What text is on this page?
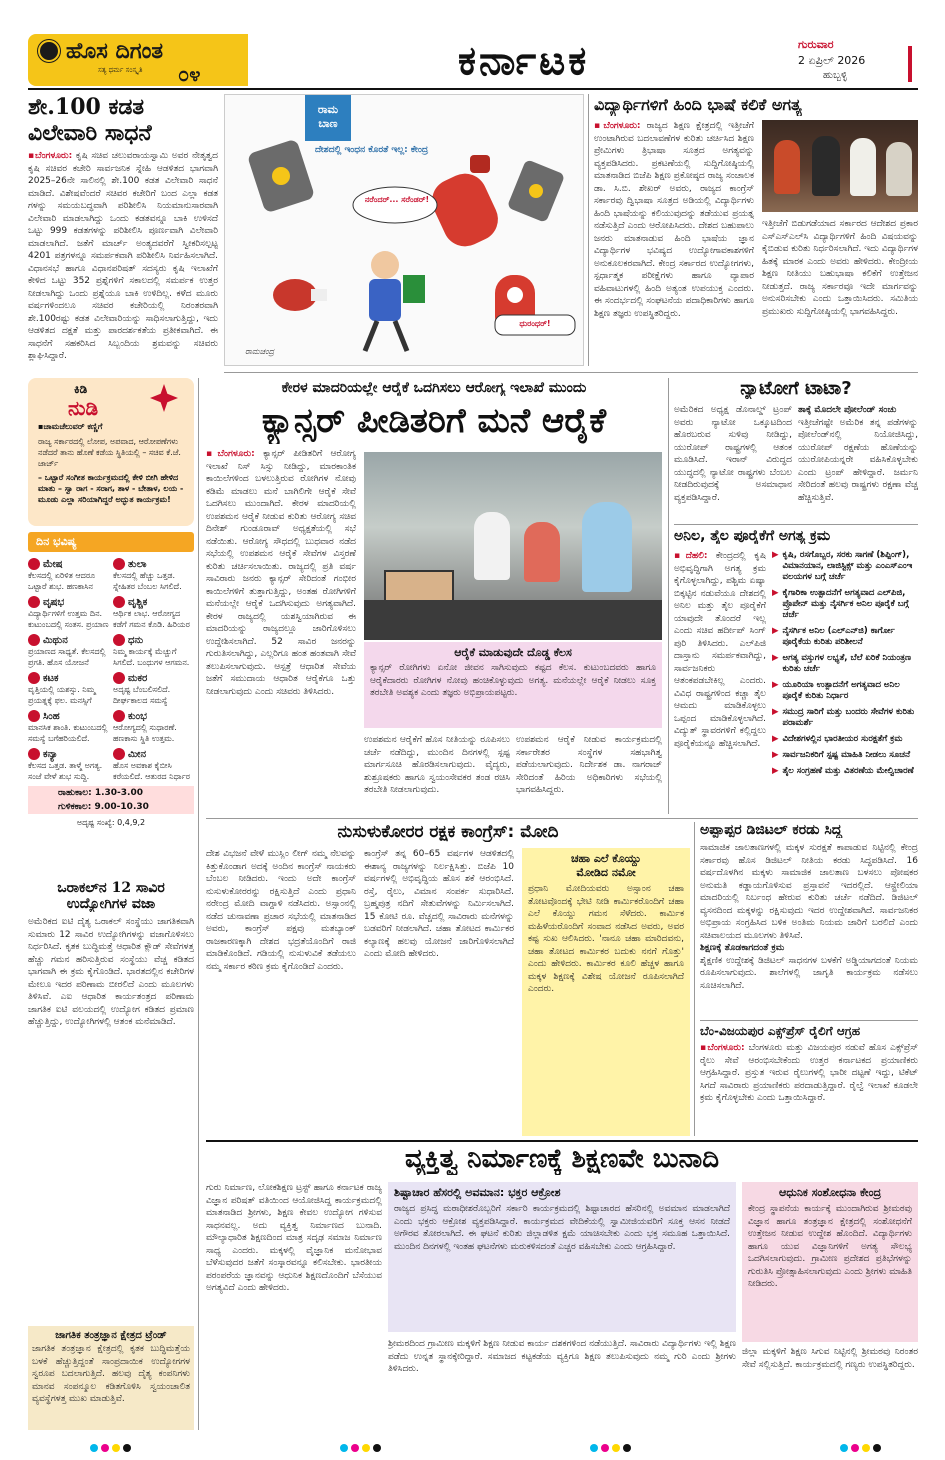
ಹೊಸ ದಿಗಂತ
ಸತ್ಯ ಧರ್ಮ ಸಂಸ್ಕೃತಿ ೦೪	ಕರ್ನಾಟಕ	ಗುರುವಾರ
2 ಏಪ್ರಿಲ್ 2026
ಹುಬ್ಬಳ್ಳಿ
ಶೇ.100 ಕಡತ
ವಿಲೇವಾರಿ ಸಾಧನೆ
▪ಬೆಂಗಳೂರು: ಕೃಷಿ ಸಚಿವ ಚಲುವರಾಯಸ್ವಾಮಿ ಅವರ ನೇತೃತ್ವದ ಕೃಷಿ ಸಚಿವರ ಕಚೇರಿ ಸಾರ್ವಜನಿಕ ಸ್ನೇಹಿ ಆಡಳಿತದ ಭಾಗವಾಗಿ 2025–26ನೇ ಸಾಲಿನಲ್ಲಿ ಶೇ.100 ಕಡತ ವಿಲೇವಾರಿ ಸಾಧನೆ ಮಾಡಿದೆ. ವಿಶೇಷವೆಂದರೆ ಸಚಿವರ ಕಚೇರಿಗೆ ಬಂದ ಎಲ್ಲಾ ಕಡತ ಗಳನ್ನು ಸಮಯಬದ್ಧವಾಗಿ ಪರಿಶೀಲಿಸಿ ನಿಯಮಾನುಸಾರವಾಗಿ ವಿಲೇವಾರಿ ಮಾಡಲಾಗಿದ್ದು ಒಂದು ಕಡತವನ್ನೂ ಬಾಕಿ ಉಳಿಸದೆ ಒಟ್ಟು 999 ಕಡತಗಳನ್ನು ಪರಿಶೀಲಿಸಿ ಪೂರ್ಣವಾಗಿ ವಿಲೇವಾರಿ ಮಾಡಲಾಗಿದೆ. ಜತೆಗೆ ಮಾರ್ಚ್ ಅಂತ್ಯದವರೆಗೆ ಸ್ವೀಕರಿಸಲ್ಪಟ್ಟ 4201 ಪತ್ರಗಳನ್ನೂ ಸಮರ್ಪಕವಾಗಿ ಪರಿಶೀಲಿಸಿ ನಿರ್ವಹಿಸಲಾಗಿದೆ. ವಿಧಾನಸಭೆ ಹಾಗೂ ವಿಧಾನಪರಿಷತ್ ಸದಸ್ಯರು ಕೃಷಿ ಇಲಾಖೆಗೆ ಕೇಳಿದ ಒಟ್ಟು 352 ಪ್ರಶ್ನೆಗಳಿಗೆ ಸಕಾಲದಲ್ಲಿ ಸಮರ್ಪಕ ಉತ್ತರ ನೀಡಲಾಗಿದ್ದು ಒಂದು ಪ್ರಶ್ನೆಯೂ ಬಾಕಿ ಉಳಿದಿಲ್ಲ. ಕಳೆದ ಮೂರು ವರ್ಷಗಳಿಂದಲೂ ಸಚಿವರ ಕಚೇರಿಯಲ್ಲಿ ನಿರಂತರವಾಗಿ ಶೇ.100ರಷ್ಟು ಕಡತ ವಿಲೇವಾರಿಯನ್ನು ಸಾಧಿಸಲಾಗುತ್ತಿದ್ದು, ಇದು ಆಡಳಿತದ ದಕ್ಷತೆ ಮತ್ತು ಪಾರದರ್ಶಕತೆಯ ಪ್ರತೀಕವಾಗಿದೆ. ಈ ಸಾಧನೆಗೆ ಸಹಕರಿಸಿದ ಸಿಬ್ಬಂದಿಯ ಶ್ರಮವನ್ನು ಸಚಿವರು ಶ್ಲಾಘಿಸಿದ್ದಾರೆ.
ರಾಮ
ಬಾಣ
ದೇಶದಲ್ಲಿ ಇಂಧನ ಕೊರತೆ ಇಲ್ಲ: ಕೇಂದ್ರ
ನರೆಂದರ್... ಸರೆಂಡರ್!
ಧುರಂಧರ್!
ರಾಮಚಂದ್ರ
ವಿದ್ಯಾರ್ಥಿಗಳಿಗೆ ಹಿಂದಿ ಭಾಷೆ ಕಲಿಕೆ ಅಗತ್ಯ
▪ಬೆಂಗಳೂರು: ರಾಜ್ಯದ ಶಿಕ್ಷಣ ಕ್ಷೇತ್ರದಲ್ಲಿ ಇತ್ತೀಚೆಗೆ ಉಂಟಾಗಿರುವ ಬದಲಾವಣೆಗಳ ಕುರಿತು ಚರ್ಚಿಸಿದ ಶಿಕ್ಷಣ ಪ್ರೇಮಿಗಳು ತ್ರಿಭಾಷಾ ಸೂತ್ರದ ಅಗತ್ಯವನ್ನು ವ್ಯಕ್ತಪಡಿಸಿದರು. ಪ್ರಕಟಣೆಯಲ್ಲಿ ಸುದ್ದಿಗೋಷ್ಠಿಯಲ್ಲಿ ಮಾತನಾಡಿದ ಬಿಜೆಪಿ ಶಿಕ್ಷಣ ಪ್ರಕೋಷ್ಠದ ರಾಜ್ಯ ಸಂಚಾಲಕ ಡಾ. ಸಿ.ಬಿ. ಶೇಖರ್ ಅವರು, ರಾಜ್ಯದ ಕಾಂಗ್ರೆಸ್ ಸರ್ಕಾರವು ದ್ವಿಭಾಷಾ ಸೂತ್ರದ ಅಡಿಯಲ್ಲಿ ವಿದ್ಯಾರ್ಥಿಗಳು ಹಿಂದಿ ಭಾಷೆಯನ್ನು ಕಲಿಯುವುದನ್ನು ತಡೆಯುವ ಪ್ರಯತ್ನ ನಡೆಸುತ್ತಿದೆ ಎಂದು ಆರೋಪಿಸಿದರು. ದೇಶದ ಬಹುಪಾಲು ಜನರು ಮಾತನಾಡುವ ಹಿಂದಿ ಭಾಷೆಯ ಜ್ಞಾನ ವಿದ್ಯಾರ್ಥಿಗಳ ಭವಿಷ್ಯದ ಉದ್ಯೋಗಾವಕಾಶಗಳಿಗೆ ಅನುಕೂಲಕರವಾಗಿದೆ. ಕೇಂದ್ರ ಸರ್ಕಾರದ ಉದ್ಯೋಗಗಳು, ಸ್ಪರ್ಧಾತ್ಮಕ ಪರೀಕ್ಷೆಗಳು ಹಾಗೂ ವ್ಯಾಪಾರ ವಹಿವಾಟುಗಳಲ್ಲಿ ಹಿಂದಿ ಅತ್ಯಂತ ಉಪಯುಕ್ತ ಎಂದರು. ಈ ಸಂದರ್ಭದಲ್ಲಿ ಸಂಘಟನೆಯ ಪದಾಧಿಕಾರಿಗಳು ಹಾಗೂ ಶಿಕ್ಷಣ ತಜ್ಞರು ಉಪಸ್ಥಿತರಿದ್ದರು.
ಇತ್ತೀಚೆಗೆ ಬಿಡುಗಡೆಯಾದ ಸರ್ಕಾರದ ಆದೇಶದ ಪ್ರಕಾರ ಎಸ್‌ಎಸ್‌ಎಲ್‌ಸಿ ವಿದ್ಯಾರ್ಥಿಗಳಿಗೆ ಹಿಂದಿ ವಿಷಯವನ್ನು ಕೈಬಿಡುವ ಕುರಿತು ನಿರ್ಧರಿಸಲಾಗಿದೆ. ಇದು ವಿದ್ಯಾರ್ಥಿಗಳ ಹಿತಕ್ಕೆ ಮಾರಕ ಎಂದು ಅವರು ಹೇಳಿದರು. ಕೇಂದ್ರೀಯ ಶಿಕ್ಷಣ ನೀತಿಯು ಬಹುಭಾಷಾ ಕಲಿಕೆಗೆ ಉತ್ತೇಜನ ನೀಡುತ್ತದೆ. ರಾಜ್ಯ ಸರ್ಕಾರವೂ ಇದೇ ಮಾರ್ಗವನ್ನು ಅನುಸರಿಸಬೇಕು ಎಂದು ಒತ್ತಾಯಿಸಿದರು. ಸಮಿತಿಯ ಪ್ರಮುಖರು ಸುದ್ದಿಗೋಷ್ಠಿಯಲ್ಲಿ ಭಾಗವಹಿಸಿದ್ದರು.
ಕಿಡಿ
ನುಡಿ
▪ಚಾಮಚೆಲುವರ್ ಕಣ್ಣಿಗೆ
ರಾಜ್ಯ ಸರ್ಕಾರದಲ್ಲಿ ಲೋಪ, ಅಪವಾದ, ಆರೋಪಣೆಗಳು ನಡೆದರೆ ತಾನು ಹೊಣೆ ಕಡೆಯ ಸ್ಥಿತಿಯಲ್ಲಿ – ಸಚಿವ ಕೆ.ಜೆ. ಜಾರ್ಜ್
– ಒಟ್ಟಾರೆ ಸಂಗೀತ ಕಾರ್ಯಕ್ರಮದಲ್ಲಿ ಕೇಳಿ ಬೀಗಿ ಹೇಳಿದ ಮಾತು – ಸ್ವಾ ರಾಗ - ಸರಾಗ, ತಾಳ - ಬೇತಾಳ, ಲಯ - ಮೂಡು ಎಲ್ಲಾ ಸರಿಯಾಗಿದ್ದರೆ ಅದ್ಭುತ ಕಾರ್ಯಕ್ರಮ!
ದಿನ ಭವಿಷ್ಯ
ಮೇಷ
ಕೆಲಸದಲ್ಲಿ ಏರಿಳಿತ ಆದರೂ ಒಟ್ಟಾರೆ ಶುಭ. ಹಣಕಾಸಿನ
ತುಲಾ
ಕೆಲಸದಲ್ಲಿ ಹೆಚ್ಚು ಒತ್ತಡ. ಸ್ನೇಹಿತರ ಬೆಂಬಲ ಸಿಗಲಿದೆ.
ವೃಷಭ
ವಿದ್ಯಾರ್ಥಿಗಳಿಗೆ ಉತ್ತಮ ದಿನ. ಕುಟುಂಬದಲ್ಲಿ ಸಂತಸ. ಪ್ರಯಾಣ
ವೃಶ್ಚಿಕ
ಆರ್ಥಿಕ ಲಾಭ. ಆರೋಗ್ಯದ ಕಡೆಗೆ ಗಮನ ಕೊಡಿ. ಹಿರಿಯರ
ಮಿಥುನ
ಪ್ರಯಾಣದ ಸಾಧ್ಯತೆ. ಕೆಲಸದಲ್ಲಿ ಪ್ರಗತಿ. ಹೊಸ ಯೋಜನೆ
ಧನು
ನಿಮ್ಮ ಕಾರ್ಯಕ್ಕೆ ಮೆಚ್ಚುಗೆ ಸಿಗಲಿದೆ. ಬಂಧುಗಳ ಆಗಮನ.
ಕಟಕ
ವೃತ್ತಿಯಲ್ಲಿ ಯಶಸ್ಸು. ನಿಮ್ಮ ಪ್ರಯತ್ನಕ್ಕೆ ಫಲ. ಮನಸ್ಸಿಗೆ
ಮಕರ
ಅದೃಷ್ಟ ಬೆಂಬಲಿಸಲಿದೆ. ದೀರ್ಘಕಾಲದ ಸಮಸ್ಯೆ
ಸಿಂಹ
ಮಾನಸಿಕ ಶಾಂತಿ. ಕುಟುಂಬದಲ್ಲಿ ಸಮಸ್ಯೆ ಬಗೆಹರಿಯಲಿದೆ.
ಕುಂಭ
ಆರೋಗ್ಯದಲ್ಲಿ ಸುಧಾರಣೆ. ಹಣಕಾಸು ಸ್ಥಿತಿ ಉತ್ತಮ.
ಕನ್ಯಾ
ಕೆಲಸದ ಒತ್ತಡ. ತಾಳ್ಮೆ ಅಗತ್ಯ. ಸಂಜೆ ವೇಳೆ ಶುಭ ಸುದ್ದಿ.
ಮೀನ
ಹೊಸ ಅವಕಾಶ ಕೈಬೀಸಿ ಕರೆಯಲಿದೆ. ಆತುರದ ನಿರ್ಧಾರ
ರಾಹುಕಾಲ: 1.30-3.00
ಗುಳಿಕಕಾಲ: 9.00-10.30
ಅದೃಷ್ಟ ಸಂಖ್ಯೆ: 0,4,9,2
ಒರಾಕಲ್‌ನ 12 ಸಾವಿರ
ಉದ್ಯೋಗಿಗಳ ವಜಾ
ಅಮೆರಿಕದ ಐಟಿ ದೈತ್ಯ ಒರಾಕಲ್ ಸಂಸ್ಥೆಯು ಜಾಗತಿಕವಾಗಿ ಸುಮಾರು 12 ಸಾವಿರ ಉದ್ಯೋಗಿಗಳನ್ನು ವಜಾಗೊಳಿಸಲು ನಿರ್ಧರಿಸಿದೆ. ಕೃತಕ ಬುದ್ಧಿಮತ್ತೆ ಆಧಾರಿತ ಕ್ಲೌಡ್ ಸೇವೆಗಳತ್ತ ಹೆಚ್ಚು ಗಮನ ಹರಿಸುತ್ತಿರುವ ಸಂಸ್ಥೆಯು ವೆಚ್ಚ ಕಡಿತದ ಭಾಗವಾಗಿ ಈ ಕ್ರಮ ಕೈಗೊಂಡಿದೆ. ಭಾರತದಲ್ಲಿನ ಕಚೇರಿಗಳ ಮೇಲೂ ಇದರ ಪರಿಣಾಮ ಬೀರಲಿದೆ ಎಂದು ಮೂಲಗಳು ತಿಳಿಸಿವೆ. ಎಐ ಆಧಾರಿತ ಕಾರ್ಯತಂತ್ರದ ಪರಿಣಾಮ ಜಾಗತಿಕ ಐಟಿ ವಲಯದಲ್ಲಿ ಉದ್ಯೋಗ ಕಡಿತದ ಪ್ರಮಾಣ ಹೆಚ್ಚುತ್ತಿದ್ದು, ಉದ್ಯೋಗಿಗಳಲ್ಲಿ ಆತಂಕ ಮನೆಮಾಡಿದೆ.
ಜಾಗತಿಕ ತಂತ್ರಜ್ಞಾನ ಕ್ಷೇತ್ರದ ಟ್ರೆಂಡ್
ಜಾಗತಿಕ ತಂತ್ರಜ್ಞಾನ ಕ್ಷೇತ್ರದಲ್ಲಿ ಕೃತಕ ಬುದ್ಧಿಮತ್ತೆಯ ಬಳಕೆ ಹೆಚ್ಚುತ್ತಿದ್ದಂತೆ ಸಾಂಪ್ರದಾಯಿಕ ಉದ್ಯೋಗಗಳ ಸ್ವರೂಪ ಬದಲಾಗುತ್ತಿದೆ. ಹಲವು ದೈತ್ಯ ಕಂಪನಿಗಳು ಮಾನವ ಸಂಪನ್ಮೂಲ ಕಡಿತಗೊಳಿಸಿ ಸ್ವಯಂಚಾಲಿತ ವ್ಯವಸ್ಥೆಗಳತ್ತ ಮುಖ ಮಾಡುತ್ತಿವೆ.
ಕೇರಳ ಮಾದರಿಯಲ್ಲೇ ಆರೈಕೆ ಒದಗಿಸಲು ಆರೋಗ್ಯ ಇಲಾಖೆ ಮುಂದು
ಕ್ಯಾನ್ಸರ್ ಪೀಡಿತರಿಗೆ ಮನೆ ಆರೈಕೆ
▪ಬೆಂಗಳೂರು: ಕ್ಯಾನ್ಸರ್ ಪೀಡಿತರಿಗೆ ಆರೋಗ್ಯ ಇಲಾಖೆ ನಿಸ್ ಸಿಸ್ಸು ನೀಡಿದ್ದು, ಮಾರಕಾಂತಿಕ ಕಾಯಿಲೆಗಳಿಂದ ಬಳಲುತ್ತಿರುವ ರೋಗಿಗಳ ನೋವು ಕಡಿಮೆ ಮಾಡಲು ಮನೆ ಬಾಗಿಲಿಗೇ ಆರೈಕೆ ಸೇವೆ ಒದಗಿಸಲು ಮುಂದಾಗಿದೆ. ಕೇರಳ ಮಾದರಿಯಲ್ಲಿ ಉಪಶಮನ ಆರೈಕೆ ನೀಡುವ ಕುರಿತು ಆರೋಗ್ಯ ಸಚಿವ ದಿನೇಶ್ ಗುಂಡೂರಾವ್ ಅಧ್ಯಕ್ಷತೆಯಲ್ಲಿ ಸಭೆ ನಡೆಯಿತು. ಆರೋಗ್ಯ ಸೌಧದಲ್ಲಿ ಬುಧವಾರ ನಡೆದ ಸಭೆಯಲ್ಲಿ ಉಪಶಮನ ಆರೈಕೆ ಸೇವೆಗಳ ವಿಸ್ತರಣೆ ಕುರಿತು ಚರ್ಚಿಸಲಾಯಿತು. ರಾಜ್ಯದಲ್ಲಿ ಪ್ರತಿ ವರ್ಷ ಸಾವಿರಾರು ಜನರು ಕ್ಯಾನ್ಸರ್ ಸೇರಿದಂತೆ ಗಂಭೀರ ಕಾಯಿಲೆಗಳಿಗೆ ತುತ್ತಾಗುತ್ತಿದ್ದು, ಅಂತಹ ರೋಗಿಗಳಿಗೆ ಮನೆಯಲ್ಲೇ ಆರೈಕೆ ಒದಗಿಸುವುದು ಅಗತ್ಯವಾಗಿದೆ. ಕೇರಳ ರಾಜ್ಯದಲ್ಲಿ ಯಶಸ್ವಿಯಾಗಿರುವ ಈ ಮಾದರಿಯನ್ನು ರಾಜ್ಯದಲ್ಲೂ ಜಾರಿಗೊಳಿಸಲು ಉದ್ದೇಶಿಸಲಾಗಿದೆ. 52 ಸಾವಿರ ಜನರನ್ನು ಗುರುತಿಸಲಾಗಿದ್ದು, ಎಲ್ಲರಿಗೂ ಹಂತ ಹಂತವಾಗಿ ಸೇವೆ ತಲುಪಿಸಲಾಗುವುದು. ಆಸ್ಪತ್ರೆ ಆಧಾರಿತ ಸೇವೆಯ ಜತೆಗೆ ಸಮುದಾಯ ಆಧಾರಿತ ಆರೈಕೆಗೂ ಒತ್ತು ನೀಡಲಾಗುವುದು ಎಂದು ಸಚಿವರು ತಿಳಿಸಿದರು.
ಆರೈಕೆ ಮಾಡುವುದೇ ದೊಡ್ಡ ಕೆಲಸ
ಕ್ಯಾನ್ಸರ್ ರೋಗಿಗಳು ಏನೋ ಜೀವನ ಸಾಗಿಸುವುದು ಕಷ್ಟದ ಕೆಲಸ. ಕುಟುಂಬದವರು ಹಾಗೂ ಆರೈಕೆದಾರರು ರೋಗಿಗಳ ನೋವು ಹಂಚಿಕೊಳ್ಳುವುದು ಅಗತ್ಯ. ಮನೆಯಲ್ಲೇ ಆರೈಕೆ ನೀಡಲು ಸೂಕ್ತ ತರಬೇತಿ ಅವಶ್ಯಕ ಎಂದು ತಜ್ಞರು ಅಭಿಪ್ರಾಯಪಟ್ಟರು.
ಉಪಶಮನ ಆರೈಕೆಗೆ ಹೊಸ ನೀತಿಯನ್ನು ರೂಪಿಸಲು ಚರ್ಚೆ ನಡೆದಿದ್ದು, ಮುಂದಿನ ದಿನಗಳಲ್ಲಿ ಸ್ಪಷ್ಟ ಮಾರ್ಗಸೂಚಿ ಹೊರಡಿಸಲಾಗುವುದು. ವೈದ್ಯರು, ಶುಶ್ರೂಷಕರು ಹಾಗೂ ಸ್ವಯಂಸೇವಕರ ತಂಡ ರಚಿಸಿ ತರಬೇತಿ ನೀಡಲಾಗುವುದು.
ಉಪಶಮನ ಆರೈಕೆ ನೀಡುವ ಕಾರ್ಯಕ್ರಮದಲ್ಲಿ ಸರ್ಕಾರೇತರ ಸಂಸ್ಥೆಗಳ ಸಹಭಾಗಿತ್ವ ಪಡೆಯಲಾಗುವುದು. ನಿರ್ದೇಶಕ ಡಾ. ನಾಗರಾಜ್ ಸೇರಿದಂತೆ ಹಿರಿಯ ಅಧಿಕಾರಿಗಳು ಸಭೆಯಲ್ಲಿ ಭಾಗವಹಿಸಿದ್ದರು.
ನ್ಯಾಟೋಗೆ ಟಾಟಾ?
ಅಮೆರಿಕದ ಅಧ್ಯಕ್ಷ ಡೊನಾಲ್ಡ್ ಟ್ರಂಪ್ ಅವರು ನ್ಯಾಟೋ ಒಕ್ಕೂಟದಿಂದ ಹೊರಬರುವ ಸುಳಿವು ನೀಡಿದ್ದು, ಯುರೋಪ್ ರಾಷ್ಟ್ರಗಳಲ್ಲಿ ಆತಂಕ ಮೂಡಿಸಿದೆ. ಇರಾನ್ ವಿರುದ್ಧದ ಯುದ್ಧದಲ್ಲಿ ನ್ಯಾಟೋ ರಾಷ್ಟ್ರಗಳು ಬೆಂಬಲ ನೀಡದಿರುವುದಕ್ಕೆ ಅಸಮಾಧಾನ ವ್ಯಕ್ತಪಡಿಸಿದ್ದಾರೆ.
ತಾಕ್ಕೆ ಮೊದಲೇ ಪೋಲೆಂಡ್ ಸಂಚು
ಇತ್ತೀಚೆಗಷ್ಟೇ ಅಮೆರಿಕ ತನ್ನ ಪಡೆಗಳನ್ನು ಪೋಲೆಂಡ್‌ನಲ್ಲಿ ನಿಯೋಜಿಸಿದ್ದು, ಯುರೋಪ್ ರಕ್ಷಣೆಯ ಹೊಣೆಯನ್ನು ಯುರೋಪಿಯನ್ನರೇ ವಹಿಸಿಕೊಳ್ಳಬೇಕು ಎಂದು ಟ್ರಂಪ್ ಹೇಳಿದ್ದಾರೆ. ಜರ್ಮನಿ ಸೇರಿದಂತೆ ಹಲವು ರಾಷ್ಟ್ರಗಳು ರಕ್ಷಣಾ ವೆಚ್ಚ ಹೆಚ್ಚಿಸುತ್ತಿವೆ.
ಅನಿಲ, ತೈಲ ಪೂರೈಕೆಗೆ ಅಗತ್ಯ ಕ್ರಮ
▪ದೆಹಲಿ: ಕೇಂದ್ರದಲ್ಲಿ ಕೃಷಿ ಅಭಿವೃದ್ಧಿಗಾಗಿ ಅಗತ್ಯ ಕ್ರಮ ಕೈಗೊಳ್ಳಲಾಗಿದ್ದು, ಪಶ್ಚಿಮ ಏಷ್ಯಾ ಬಿಕ್ಕಟ್ಟಿನ ನಡುವೆಯೂ ದೇಶದಲ್ಲಿ ಅನಿಲ ಮತ್ತು ತೈಲ ಪೂರೈಕೆಗೆ ಯಾವುದೇ ತೊಂದರೆ ಇಲ್ಲ ಎಂದು ಸಚಿವ ಹರ್ದೀಪ್ ಸಿಂಗ್ ಪುರಿ ತಿಳಿಸಿದರು. ಎಲ್‌ಪಿಜಿ ದಾಸ್ತಾನು ಸಮರ್ಪಕವಾಗಿದ್ದು, ಸಾರ್ವಜನಿಕರು ಆತಂಕಪಡಬೇಕಿಲ್ಲ ಎಂದರು. ವಿವಿಧ ರಾಷ್ಟ್ರಗಳಿಂದ ಕಚ್ಚಾ ತೈಲ ಆಮದು ಮಾಡಿಕೊಳ್ಳಲು ಒಪ್ಪಂದ ಮಾಡಿಕೊಳ್ಳಲಾಗಿದೆ. ವಿದ್ಯುತ್ ಸ್ಥಾವರಗಳಿಗೆ ಕಲ್ಲಿದ್ದಲು ಪೂರೈಕೆಯನ್ನೂ ಹೆಚ್ಚಿಸಲಾಗಿದೆ.
▶ ಕೃಷಿ, ರಸಗೊಬ್ಬರ, ಸರಕು ಸಾಗಣೆ (ಶಿಪ್ಪಿಂಗ್), ವಿಮಾನಯಾನ, ಲಾಜಿಸ್ಟಿಕ್ಸ್ ಮತ್ತು ಎಂಎಸ್‌ಎಂಇ ವಲಯಗಳ ಬಗ್ಗೆ ಚರ್ಚೆ
▶ ಕೈಗಾರಿಕಾ ಉತ್ಪಾದನೆಗೆ ಅಗತ್ಯವಾದ ಎಲ್‌ಪಿಜಿ, ಪ್ರೊಪೇನ್ ಮತ್ತು ನೈಸರ್ಗಿಕ ಅನಿಲ ಪೂರೈಕೆ ಬಗ್ಗೆ ಚರ್ಚೆ
▶ ನೈಸರ್ಗಿಕ ಅನಿಲ (ಎಲ್‌ಎನ್‌ಜಿ) ಕಾರ್ಗೋ ಪೂರೈಕೆಯ ಕುರಿತು ಪರಿಶೀಲನೆ
▶ ಅಗತ್ಯ ವಸ್ತುಗಳ ಲಭ್ಯತೆ, ಬೆಲೆ ಏರಿಕೆ ನಿಯಂತ್ರಣ ಕುರಿತು ಚರ್ಚೆ
▶ ಯೂರಿಯಾ ಉತ್ಪಾದನೆಗೆ ಅಗತ್ಯವಾದ ಅನಿಲ ಪೂರೈಕೆ ಕುರಿತು ನಿರ್ಧಾರ
▶ ಸಮುದ್ರ ಸಾರಿಗೆ ಮತ್ತು ಬಂದರು ಸೇವೆಗಳ ಕುರಿತು ಪರಾಮರ್ಶೆ
▶ ವಿದೇಶಗಳಲ್ಲಿನ ಭಾರತೀಯರ ಸುರಕ್ಷತೆಗೆ ಕ್ರಮ
▶ ಸಾರ್ವಜನಿಕರಿಗೆ ಸ್ಪಷ್ಟ ಮಾಹಿತಿ ನೀಡಲು ಸೂಚನೆ
▶ ತೈಲ ಸಂಗ್ರಹಣೆ ಮತ್ತು ವಿತರಣೆಯ ಮೇಲ್ವಿಚಾರಣೆ
ನುಸುಳುಕೋರರ ರಕ್ಷಕ ಕಾಂಗ್ರೆಸ್: ಮೋದಿ
ದೇಶ ವಿಭಜನೆ ವೇಳೆ ಮುಸ್ಲಿಂ ಲೀಗ್ ನಮ್ಮ ನೆಲವನ್ನು ಕಿತ್ತುಕೊಂಡಾಗ ಅದಕ್ಕೆ ಅಂದಿನ ಕಾಂಗ್ರೆಸ್ ನಾಯಕರು ಬೆಂಬಲ ನೀಡಿದರು. ಇಂದು ಅದೇ ಕಾಂಗ್ರೆಸ್ ನುಸುಳುಕೋರರನ್ನು ರಕ್ಷಿಸುತ್ತಿದೆ ಎಂದು ಪ್ರಧಾನಿ ನರೇಂದ್ರ ಮೋದಿ ವಾಗ್ದಾಳಿ ನಡೆಸಿದರು. ಅಸ್ಸಾಂನಲ್ಲಿ ನಡೆದ ಚುನಾವಣಾ ಪ್ರಚಾರ ಸಭೆಯಲ್ಲಿ ಮಾತನಾಡಿದ ಅವರು, ಕಾಂಗ್ರೆಸ್ ಪಕ್ಷವು ಮತಬ್ಯಾಂಕ್ ರಾಜಕಾರಣಕ್ಕಾಗಿ ದೇಶದ ಭದ್ರತೆಯೊಂದಿಗೆ ರಾಜಿ ಮಾಡಿಕೊಂಡಿದೆ. ಗಡಿಯಲ್ಲಿ ನುಸುಳುವಿಕೆ ತಡೆಯಲು ನಮ್ಮ ಸರ್ಕಾರ ಕಠಿಣ ಕ್ರಮ ಕೈಗೊಂಡಿದೆ ಎಂದರು.
ಕಾಂಗ್ರೆಸ್ ತನ್ನ 60–65 ವರ್ಷಗಳ ಆಡಳಿತದಲ್ಲಿ ಈಶಾನ್ಯ ರಾಜ್ಯಗಳನ್ನು ನಿರ್ಲಕ್ಷಿಸಿತ್ತು. ಬಿಜೆಪಿ 10 ವರ್ಷಗಳಲ್ಲಿ ಅಭಿವೃದ್ಧಿಯ ಹೊಸ ಶಕೆ ಆರಂಭಿಸಿದೆ. ರಸ್ತೆ, ರೈಲು, ವಿಮಾನ ಸಂಪರ್ಕ ಸುಧಾರಿಸಿದೆ. ಬ್ರಹ್ಮಪುತ್ರ ನದಿಗೆ ಸೇತುವೆಗಳನ್ನು ನಿರ್ಮಿಸಲಾಗಿದೆ. 15 ಕೋಟಿ ರೂ. ವೆಚ್ಚದಲ್ಲಿ ಸಾವಿರಾರು ಮನೆಗಳನ್ನು ಬಡವರಿಗೆ ನೀಡಲಾಗಿದೆ. ಚಹಾ ತೋಟದ ಕಾರ್ಮಿಕರ ಕಲ್ಯಾಣಕ್ಕೆ ಹಲವು ಯೋಜನೆ ಜಾರಿಗೊಳಿಸಲಾಗಿದೆ ಎಂದು ಮೋದಿ ಹೇಳಿದರು.
ಚಹಾ ಎಲೆ ಕೊಯ್ದು
ಮೋಡಿದ ನಮೋ
ಪ್ರಧಾನಿ ಮೋದಿಯವರು ಅಸ್ಸಾಂನ ಚಹಾ ತೋಟವೊಂದಕ್ಕೆ ಭೇಟಿ ನೀಡಿ ಕಾರ್ಮಿಕರೊಂದಿಗೆ ಚಹಾ ಎಲೆ ಕೊಯ್ದು ಗಮನ ಸೆಳೆದರು. ಕಾರ್ಮಿಕ ಮಹಿಳೆಯರೊಂದಿಗೆ ಸಂವಾದ ನಡೆಸಿದ ಅವರು, ಅವರ ಕಷ್ಟ ಸುಖ ಆಲಿಸಿದರು. 'ನಾನೂ ಚಹಾ ಮಾರಿದವನು, ಚಹಾ ತೋಟದ ಕಾರ್ಮಿಕರ ಬದುಕು ನನಗೆ ಗೊತ್ತು' ಎಂದು ಹೇಳಿದರು. ಕಾರ್ಮಿಕರ ಕೂಲಿ ಹೆಚ್ಚಳ ಹಾಗೂ ಮಕ್ಕಳ ಶಿಕ್ಷಣಕ್ಕೆ ವಿಶೇಷ ಯೋಜನೆ ರೂಪಿಸಲಾಗಿದೆ ಎಂದರು.
ಅಪ್ಪಾಪ್ಪರ ಡಿಜಿಟಲ್ ಕರಡು ಸಿದ್ಧ
ಸಾಮಾಜಿಕ ಜಾಲತಾಣಗಳಲ್ಲಿ ಮಕ್ಕಳ ಸುರಕ್ಷತೆ ಕಾಪಾಡುವ ನಿಟ್ಟಿನಲ್ಲಿ ಕೇಂದ್ರ ಸರ್ಕಾರವು ಹೊಸ ಡಿಜಿಟಲ್ ನೀತಿಯ ಕರಡು ಸಿದ್ಧಪಡಿಸಿದೆ. 16 ವರ್ಷದೊಳಗಿನ ಮಕ್ಕಳು ಸಾಮಾಜಿಕ ಜಾಲತಾಣ ಬಳಸಲು ಪೋಷಕರ ಅನುಮತಿ ಕಡ್ಡಾಯಗೊಳಿಸುವ ಪ್ರಸ್ತಾವನೆ ಇದರಲ್ಲಿದೆ. ಆಸ್ಟ್ರೇಲಿಯಾ ಮಾದರಿಯಲ್ಲಿ ನಿರ್ಬಂಧ ಹೇರುವ ಕುರಿತು ಚರ್ಚೆ ನಡೆದಿದೆ. ಡಿಜಿಟಲ್ ವ್ಯಸನದಿಂದ ಮಕ್ಕಳನ್ನು ರಕ್ಷಿಸುವುದು ಇದರ ಉದ್ದೇಶವಾಗಿದೆ. ಸಾರ್ವಜನಿಕರ ಅಭಿಪ್ರಾಯ ಸಂಗ್ರಹಿಸಿದ ಬಳಿಕ ಅಂತಿಮ ನಿಯಮ ಜಾರಿಗೆ ಬರಲಿದೆ ಎಂದು ಸಚಿವಾಲಯದ ಮೂಲಗಳು ತಿಳಿಸಿವೆ.
ಶಿಕ್ಷಣಕ್ಕೆ ತೊಡಕಾಗದಂತೆ ಕ್ರಮ
ಶೈಕ್ಷಣಿಕ ಉದ್ದೇಶಕ್ಕೆ ಡಿಜಿಟಲ್ ಸಾಧನಗಳ ಬಳಕೆಗೆ ಅಡ್ಡಿಯಾಗದಂತೆ ನಿಯಮ ರೂಪಿಸಲಾಗುವುದು. ಶಾಲೆಗಳಲ್ಲಿ ಜಾಗೃತಿ ಕಾರ್ಯಕ್ರಮ ನಡೆಸಲು ಸೂಚಿಸಲಾಗಿದೆ.
ಬೆಂ-ವಿಜಯಪುರ ಎಕ್ಸ್‌ಪ್ರೆಸ್ ರೈಲಿಗೆ ಆಗ್ರಹ
▪ಬೆಂಗಳೂರು: ಬೆಂಗಳೂರು ಮತ್ತು ವಿಜಯಪುರ ನಡುವೆ ಹೊಸ ಎಕ್ಸ್‌ಪ್ರೆಸ್ ರೈಲು ಸೇವೆ ಆರಂಭಿಸಬೇಕೆಂದು ಉತ್ತರ ಕರ್ನಾಟಕದ ಪ್ರಯಾಣಿಕರು ಆಗ್ರಹಿಸಿದ್ದಾರೆ. ಪ್ರಸ್ತುತ ಇರುವ ರೈಲುಗಳಲ್ಲಿ ಭಾರೀ ದಟ್ಟಣೆ ಇದ್ದು, ಟಿಕೆಟ್ ಸಿಗದೆ ಸಾವಿರಾರು ಪ್ರಯಾಣಿಕರು ಪರದಾಡುತ್ತಿದ್ದಾರೆ. ರೈಲ್ವೆ ಇಲಾಖೆ ಕೂಡಲೇ ಕ್ರಮ ಕೈಗೊಳ್ಳಬೇಕು ಎಂದು ಒತ್ತಾಯಿಸಿದ್ದಾರೆ.
ವ್ಯಕ್ತಿತ್ವ ನಿರ್ಮಾಣಕ್ಕೆ ಶಿಕ್ಷಣವೇ ಬುನಾದಿ
ಗುರು ನಿರ್ಮಾಣ, ಲೋಕಶಿಕ್ಷಣ ಟ್ರಸ್ಟ್ ಹಾಗೂ ಕರ್ನಾಟಕ ರಾಜ್ಯ ವಿಜ್ಞಾನ ಪರಿಷತ್ ವತಿಯಿಂದ ಆಯೋಜಿಸಿದ್ದ ಕಾರ್ಯಕ್ರಮದಲ್ಲಿ ಮಾತನಾಡಿದ ಶ್ರೀಗಳು, ಶಿಕ್ಷಣ ಕೇವಲ ಉದ್ಯೋಗ ಗಳಿಸುವ ಸಾಧನವಲ್ಲ. ಅದು ವ್ಯಕ್ತಿತ್ವ ನಿರ್ಮಾಣದ ಬುನಾದಿ. ಮೌಲ್ಯಾಧಾರಿತ ಶಿಕ್ಷಣದಿಂದ ಮಾತ್ರ ಸದೃಢ ಸಮಾಜ ನಿರ್ಮಾಣ ಸಾಧ್ಯ ಎಂದರು. ಮಕ್ಕಳಲ್ಲಿ ವೈಜ್ಞಾನಿಕ ಮನೋಭಾವ ಬೆಳೆಸುವುದರ ಜತೆಗೆ ಸಂಸ್ಕಾರವನ್ನೂ ಕಲಿಸಬೇಕು. ಭಾರತೀಯ ಪರಂಪರೆಯ ಜ್ಞಾನವನ್ನು ಆಧುನಿಕ ಶಿಕ್ಷಣದೊಂದಿಗೆ ಬೆಸೆಯುವ ಅಗತ್ಯವಿದೆ ಎಂದು ಹೇಳಿದರು.
ಶಿಷ್ಟಾಚಾರ ಹೆಸರಲ್ಲಿ ಅವಮಾನ: ಭಕ್ತರ ಆಕ್ರೋಶ
ರಾಜ್ಯದ ಪ್ರಸಿದ್ಧ ಮಠಾಧೀಶರೊಬ್ಬರಿಗೆ ಸರ್ಕಾರಿ ಕಾರ್ಯಕ್ರಮದಲ್ಲಿ ಶಿಷ್ಟಾಚಾರದ ಹೆಸರಿನಲ್ಲಿ ಅವಮಾನ ಮಾಡಲಾಗಿದೆ ಎಂದು ಭಕ್ತರು ಆಕ್ರೋಶ ವ್ಯಕ್ತಪಡಿಸಿದ್ದಾರೆ. ಕಾರ್ಯಕ್ರಮದ ವೇದಿಕೆಯಲ್ಲಿ ಸ್ವಾಮೀಜಿಯವರಿಗೆ ಸೂಕ್ತ ಆಸನ ನೀಡದೆ ಅಗೌರವ ತೋರಲಾಗಿದೆ. ಈ ಘಟನೆ ಕುರಿತು ಜಿಲ್ಲಾಡಳಿತ ಕ್ಷಮೆ ಯಾಚಿಸಬೇಕು ಎಂದು ಭಕ್ತ ಸಮೂಹ ಒತ್ತಾಯಿಸಿದೆ. ಮುಂದಿನ ದಿನಗಳಲ್ಲಿ ಇಂತಹ ಘಟನೆಗಳು ಮರುಕಳಿಸದಂತೆ ಎಚ್ಚರ ವಹಿಸಬೇಕು ಎಂದು ಆಗ್ರಹಿಸಿದ್ದಾರೆ.
ಶ್ರೀಮಠದಿಂದ ಗ್ರಾಮೀಣ ಮಕ್ಕಳಿಗೆ ಶಿಕ್ಷಣ ನೀಡುವ ಕಾರ್ಯ ದಶಕಗಳಿಂದ ನಡೆಯುತ್ತಿದೆ. ಸಾವಿರಾರು ವಿದ್ಯಾರ್ಥಿಗಳು ಇಲ್ಲಿ ಶಿಕ್ಷಣ ಪಡೆದು ಉನ್ನತ ಸ್ಥಾನಕ್ಕೇರಿದ್ದಾರೆ. ಸಮಾಜದ ಕಟ್ಟಕಡೆಯ ವ್ಯಕ್ತಿಗೂ ಶಿಕ್ಷಣ ತಲುಪಿಸುವುದು ನಮ್ಮ ಗುರಿ ಎಂದು ಶ್ರೀಗಳು ತಿಳಿಸಿದರು.
ಆಧುನಿಕ ಸಂಶೋಧನಾ ಕೇಂದ್ರ
ಕೇಂದ್ರ ಸ್ಥಾಪನೆಯ ಕಾರ್ಯಕ್ಕೆ ಮುಂದಾಗಿರುವ ಶ್ರೀಮಠವು ವಿಜ್ಞಾನ ಹಾಗೂ ತಂತ್ರಜ್ಞಾನ ಕ್ಷೇತ್ರದಲ್ಲಿ ಸಂಶೋಧನೆಗೆ ಉತ್ತೇಜನ ನೀಡುವ ಉದ್ದೇಶ ಹೊಂದಿದೆ. ವಿದ್ಯಾರ್ಥಿಗಳು ಹಾಗೂ ಯುವ ವಿಜ್ಞಾನಿಗಳಿಗೆ ಅಗತ್ಯ ಸೌಲಭ್ಯ ಒದಗಿಸಲಾಗುವುದು. ಗ್ರಾಮೀಣ ಪ್ರದೇಶದ ಪ್ರತಿಭೆಗಳನ್ನು ಗುರುತಿಸಿ ಪ್ರೋತ್ಸಾಹಿಸಲಾಗುವುದು ಎಂದು ಶ್ರೀಗಳು ಮಾಹಿತಿ ನೀಡಿದರು.
ಜಿಲ್ಲಾ ಮಕ್ಕಳಿಗೆ ಶಿಕ್ಷಣ ಸಿಗುವ ನಿಟ್ಟಿನಲ್ಲಿ ಶ್ರೀಮಠವು ನಿರಂತರ ಸೇವೆ ಸಲ್ಲಿಸುತ್ತಿದೆ. ಕಾರ್ಯಕ್ರಮದಲ್ಲಿ ಗಣ್ಯರು ಉಪಸ್ಥಿತರಿದ್ದರು.
